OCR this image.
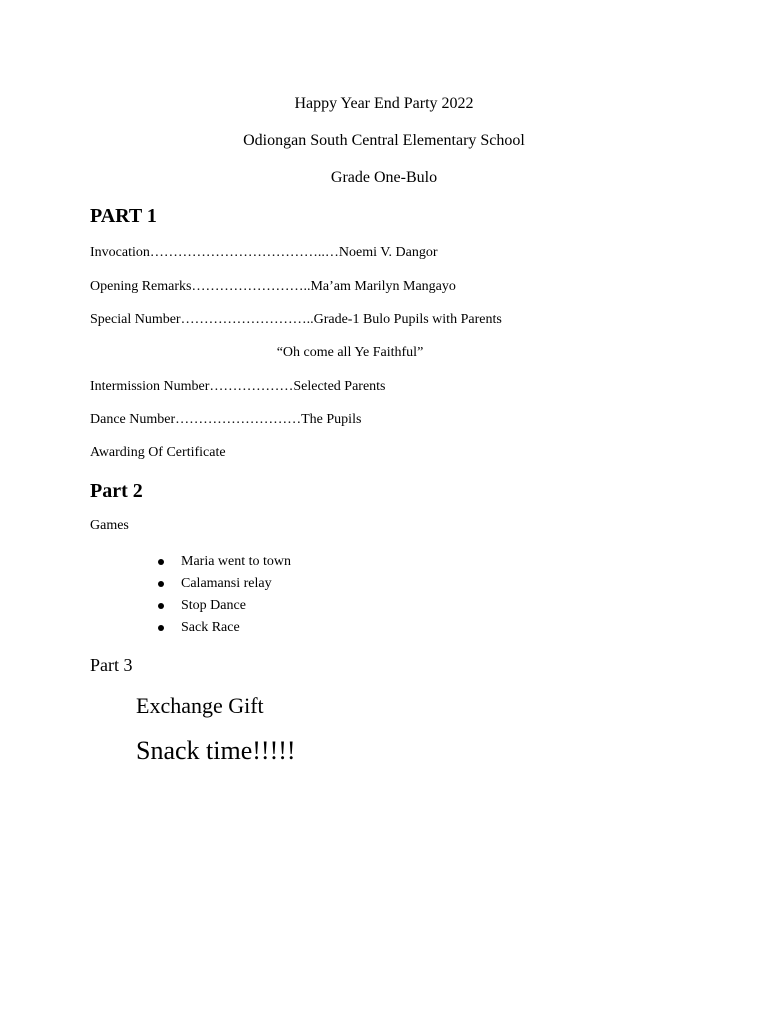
Happy Year End Party 2022
Odiongan South Central Elementary School
Grade One-Bulo
PART 1
Invocation………………………………..…Noemi V. Dangor
Opening Remarks……………………..Ma’am Marilyn Mangayo
Special Number………………………..Grade-1 Bulo Pupils with Parents
“Oh come all Ye Faithful”
Intermission Number………………Selected Parents
Dance Number………………………The Pupils
Awarding Of Certificate
Part 2
Games
Maria went to town
Calamansi relay
Stop Dance
Sack Race
Part 3
Exchange Gift
Snack time!!!!!
